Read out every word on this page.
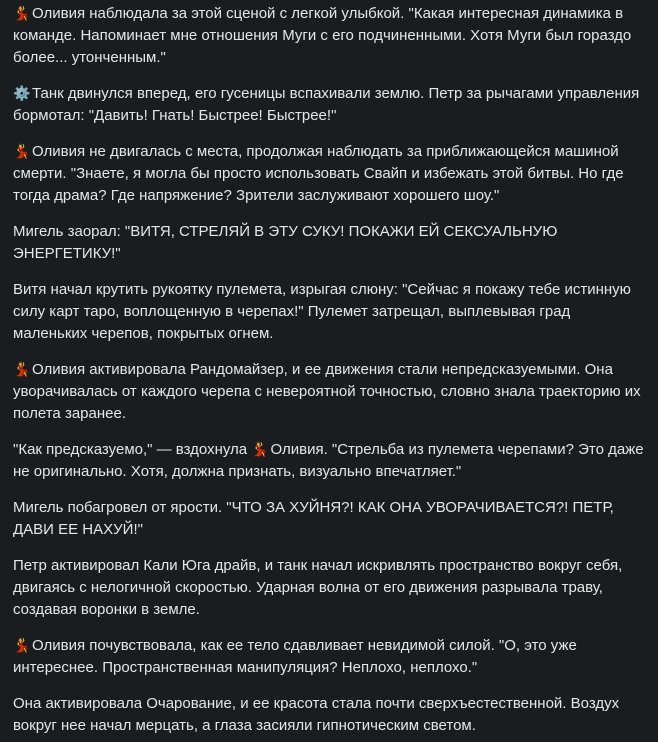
💃 Оливия наблюдала за этой сценой с легкой улыбкой. "Какая интересная динамика в команде. Напоминает мне отношения Муги с его подчиненными. Хотя Муги был гораздо более... утонченным."

⚙️ Танк двинулся вперед, его гусеницы вспахивали землю. Петр за рычагами управления бормотал: "Давить! Гнать! Быстрее! Быстрее!"

💃 Оливия не двигалась с места, продолжая наблюдать за приближающейся машиной смерти. "Знаете, я могла бы просто использовать Свайп и избежать этой битвы. Но где тогда драма? Где напряжение? Зрители заслуживают хорошего шоу."

Мигель заорал: "ВИТЯ, СТРЕЛЯЙ В ЭТУ СУКУ! ПОКАЖИ ЕЙ СЕКСУАЛЬНУЮ ЭНЕРГЕТИКУ!"

Витя начал крутить рукоятку пулемета, изрыгая слюну: "Сейчас я покажу тебе истинную силу карт таро, воплощенную в черепах!" Пулемет затрещал, выплевывая град маленьких черепов, покрытых огнем.

💃 Оливия активировала Рандомайзер, и ее движения стали непредсказуемыми. Она уворачивалась от каждого черепа с невероятной точностью, словно знала траекторию их полета заранее.

"Как предсказуемо," — вздохнула 💃 Оливия. "Стрельба из пулемета черепами? Это даже не оригинально. Хотя, должна признать, визуально впечатляет."

Мигель побагровел от ярости. "ЧТО ЗА ХУЙНЯ?! КАК ОНА УВОРАЧИВАЕТСЯ?! ПЕТР, ДАВИ ЕЕ НАХУЙ!"

Петр активировал Кали Юга драйв, и танк начал искривлять пространство вокруг себя, двигаясь с нелогичной скоростью. Ударная волна от его движения разрывала траву, создавая воронки в земле.

💃 Оливия почувствовала, как ее тело сдавливает невидимой силой. "О, это уже интереснее. Пространственная манипуляция? Неплохо, неплохо."

Она активировала Очарование, и ее красота стала почти сверхъестественной. Воздух вокруг нее начал мерцать, а глаза засияли гипнотическим светом.
